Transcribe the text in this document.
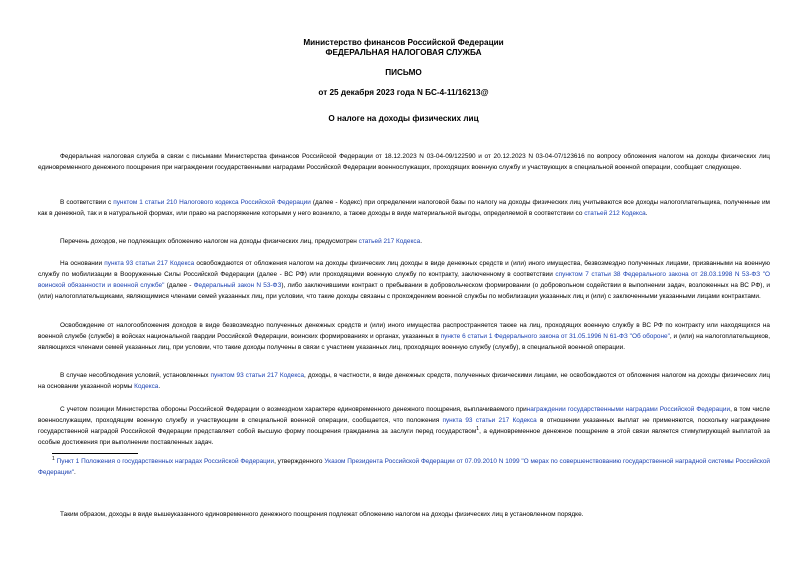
Министерство финансов Российской Федерации
ФЕДЕРАЛЬНАЯ НАЛОГОВАЯ СЛУЖБА
ПИСЬМО
от 25 декабря 2023 года N БС-4-11/16213@
О налоге на доходы физических лиц
Федеральная налоговая служба в связи с письмами Министерства финансов Российской Федерации от 18.12.2023 N 03-04-09/122590 и от 20.12.2023 N 03-04-07/123616 по вопросу обложения налогом на доходы физических лиц единовременного денежного поощрения при награждении государственными наградами Российской Федерации военнослужащих, проходящих военную службу и участвующих в специальной военной операции, сообщает следующее.
В соответствии с пунктом 1 статьи 210 Налогового кодекса Российской Федерации (далее - Кодекс) при определении налоговой базы по налогу на доходы физических лиц учитываются все доходы налогоплательщика, полученные им как в денежной, так и в натуральной формах, или право на распоряжение которыми у него возникло, а также доходы в виде материальной выгоды, определяемой в соответствии со статьей 212 Кодекса.
Перечень доходов, не подлежащих обложению налогом на доходы физических лиц, предусмотрен статьей 217 Кодекса.
На основании пункта 93 статьи 217 Кодекса освобождаются от обложения налогом на доходы физических лиц доходы в виде денежных средств и (или) иного имущества, безвозмездно полученных лицами, призванными на военную службу по мобилизации в Вооруженные Силы Российской Федерации (далее - ВС РФ) или проходящими военную службу по контракту, заключенному в соответствии спунктом 7 статьи 38 Федерального закона от 28.03.1998 N 53-ФЗ "О воинской обязанности и военной службе" (далее - Федеральный закон N 53-ФЗ), либо заключившими контракт о пребывании в добровольческом формировании (о добровольном содействии в выполнении задач, возложенных на ВС РФ), и (или) налогоплательщиками, являющимися членами семей указанных лиц, при условии, что такие доходы связаны с прохождением военной службы по мобилизации указанных лиц и (или) с заключенными указанными лицами контрактами.
Освобождение от налогообложения доходов в виде безвозмездно полученных денежных средств и (или) иного имущества распространяется также на лиц, проходящих военную службу в ВС РФ по контракту или находящихся на военной службе (службе) в войсках национальной гвардии Российской Федерации, воинских формированиях и органах, указанных в пункте 6 статьи 1 Федерального закона от 31.05.1996 N 61-ФЗ "Об обороне", и (или) на налогоплательщиков, являющихся членами семей указанных лиц, при условии, что такие доходы получены в связи с участием указанных лиц, проходящих военную службу (службу), в специальной военной операции.
В случае несоблюдения условий, установленных пунктом 93 статьи 217 Кодекса, доходы, в частности, в виде денежных средств, полученных физическими лицами, не освобождаются от обложения налогом на доходы физических лиц на основании указанной нормы Кодекса.
С учетом позиции Министерства обороны Российской Федерации о возмездном характере единовременного денежного поощрения, выплачиваемого принаграждении государственными наградами Российской Федерации, в том числе военнослужащим, проходящим военную службу и участвующим в специальной военной операции, сообщается, что положения пункта 93 статьи 217 Кодекса в отношении указанных выплат не применяются, поскольку награждение государственной наградой Российской Федерации представляет собой высшую форму поощрения гражданина за заслуги перед государством$^1$, а единовременное денежное поощрение в этой связи является стимулирующей выплатой за особые достижения при выполнении поставленных задач.
$^1$ Пункт 1 Положения о государственных наградах Российской Федерации, утвержденного Указом Президента Российской Федерации от 07.09.2010 N 1099 "О мерах по совершенствованию государственной наградной системы Российской Федерации".
Таким образом, доходы в виде вышеуказанного единовременного денежного поощрения подлежат обложению налогом на доходы физических лиц в установленном порядке.
